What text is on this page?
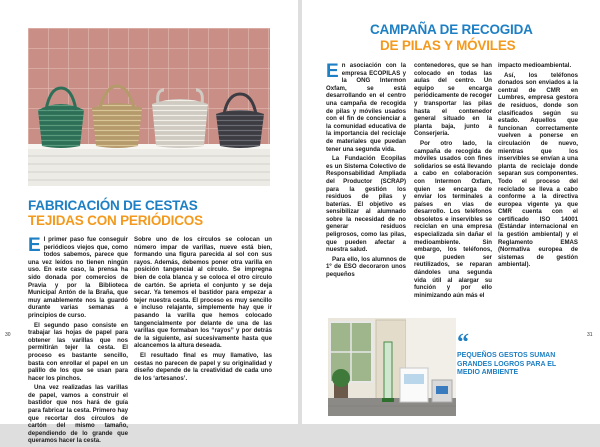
FABRICACIÓN DE CESTAS
TEJIDAS CON PERIÓDICOS

El primer paso fue conseguir periódicos viejos que, como todos sabemos, parece que una vez leídos no tienen ningún uso. En este caso, la prensa ha sido donada por comercios de Pravia y por la Biblioteca Municipal Antón de la Braña, que muy amablemente nos la guardó durante varias semanas a principios de curso.

El segundo paso consiste en trabajar las hojas de papel para obtener las varillas que nos permitirán tejer la cesta. El proceso es bastante sencillo, basta con enrollar el papel en un palillo de los que se usan para hacer los pinchos.

Una vez realizadas las varillas de papel, vamos a construir el bastidor que nos hará de guía para fabricar la cesta. Primero hay que recortar dos círculos de cartón del mismo tamaño, dependiendo de lo grande que queramos hacer la cesta.

Sobre uno de los círculos se colocan un número impar de varillas, nueve está bien, formando una figura parecida al sol con sus rayos. Además, debemos poner otra varilla en posición tangencial al círculo. Se impregna bien de cola blanca y se coloca el otro círculo de cartón. Se aprieta el conjunto y se deja secar. Ya tenemos el bastidor para empezar a tejer nuestra cesta. El proceso es muy sencillo e incluso relajante, simplemente hay que ir pasando la varilla que hemos colocado tangencialmente por delante de una de las varillas que formaban los “rayos” y por detrás de la siguiente, así sucesivamente hasta que alcancemos la altura deseada.

El resultado final es muy llamativo, las cestas no parecen de papel y su originalidad y diseño depende de la creatividad de cada uno de los ‘artesanos’.

30
CAMPAÑA DE RECOGIDA
DE PILAS Y MÓVILES

En asociación con la empresa ECOPILAS y la ONG Intermon Oxfam, se está desarrollando en el centro una campaña de recogida de pilas y móviles usados con el fin de concienciar a la comunidad educativa de la importancia del reciclaje de materiales que puedan tener una segunda vida.

La Fundación Ecopilas es un Sistema Colectivo de Responsabilidad Ampliada del Productor (SCRAP) para la gestión los residuos de pilas y baterías. El objetivo es sensibilizar al alumnado sobre la necesidad de no generar residuos peligrosos, como las pilas, que pueden afectar a nuestra salud.

Para ello, los alumnos de 1º de ESO decoraron unos pequeños

contenedores, que se han colocado en todas las aulas del centro. Un equipo se encarga periódicamente de recoger y transportar las pilas hasta el contenedor general situado en la planta baja, junto a Conserjería.

Por otro lado, la campaña de recogida de móviles usados con fines solidarios se está llevando a cabo en colaboración con Intermon Oxfam, quien se encarga de enviar los terminales a países en vías de desarrollo. Los teléfonos obsoletos e inservibles se reciclan en una empresa especializada sin dañar el medioambiente. Sin embargo, los teléfonos, que pueden ser reutilizados, se reparan dándoles una segunda vida útil al alargar su función y por ello minimizando aún más el

impacto medioambiental.

Así, los teléfonos donados son enviados a la central de CMR en Lumbres, empresa gestora de residuos, donde son clasificados según su estado. Aquellos que funcionan correctamente vuelven a ponerse en circulación de nuevo, mientras que los inservibles se envían a una planta de reciclaje donde separan sus componentes. Todo el proceso del reciclado se lleva a cabo conforme a la directiva europea vigente ya que CMR cuenta con el certificado ISO 14001 (Estándar internacional en la gestión ambiental) y el Reglamento EMAS (Normativa europea de sistemas de gestión ambiental).

“
PEQUEÑOS GESTOS SUMAN GRANDES LOGROS PARA EL MEDIO AMBIENTE
31
